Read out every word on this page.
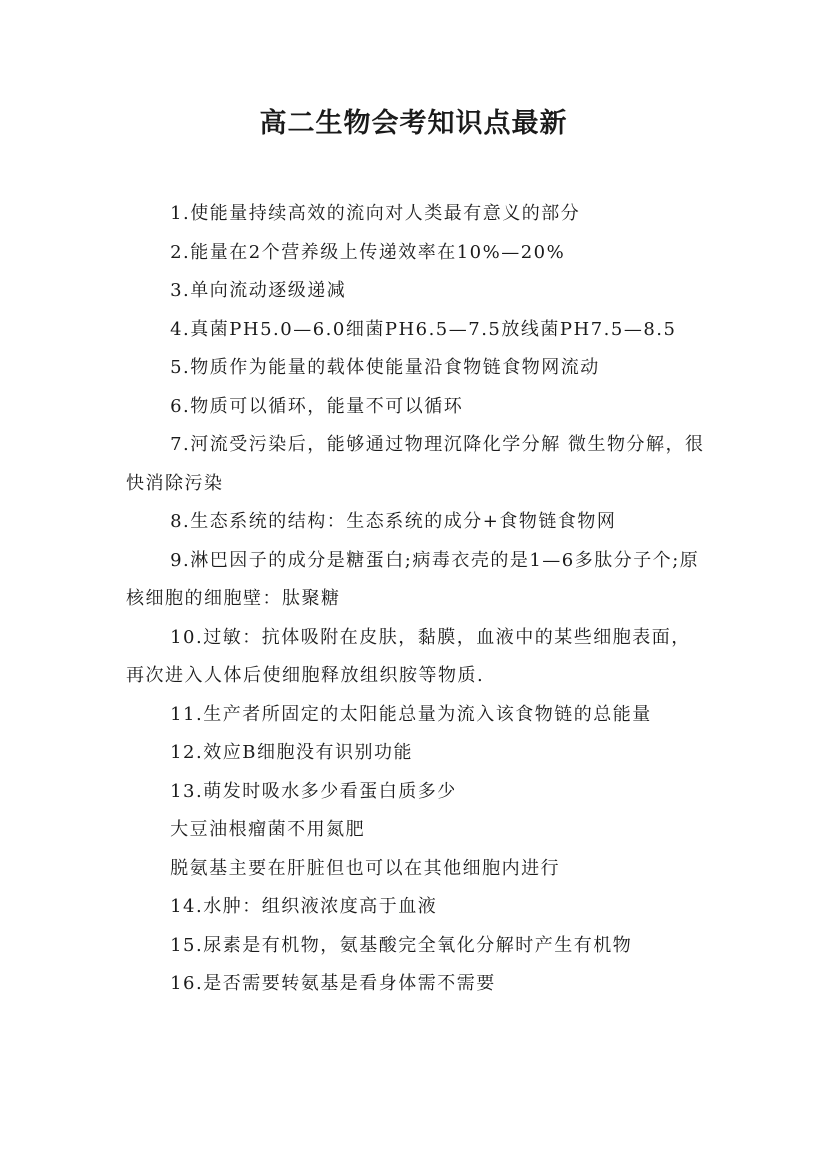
高二生物会考知识点最新

1.使能量持续高效的流向对人类最有意义的部分

2.能量在2个营养级上传递效率在10%—20%

3.单向流动逐级递减

4.真菌PH5.0—6.0细菌PH6.5—7.5放线菌PH7.5—8.5

5.物质作为能量的载体使能量沿食物链食物网流动

6.物质可以循环，能量不可以循环

7.河流受污染后，能够通过物理沉降化学分解 微生物分解，很快消除污染

8.生态系统的结构：生态系统的成分+食物链食物网

9.淋巴因子的成分是糖蛋白;病毒衣壳的是1—6多肽分子个;原核细胞的细胞壁：肽聚糖

10.过敏：抗体吸附在皮肤，黏膜，血液中的某些细胞表面，再次进入人体后使细胞释放组织胺等物质.

11.生产者所固定的太阳能总量为流入该食物链的总能量

12.效应B细胞没有识别功能

13.萌发时吸水多少看蛋白质多少

大豆油根瘤菌不用氮肥

脱氨基主要在肝脏但也可以在其他细胞内进行

14.水肿：组织液浓度高于血液

15.尿素是有机物，氨基酸完全氧化分解时产生有机物

16.是否需要转氨基是看身体需不需要
